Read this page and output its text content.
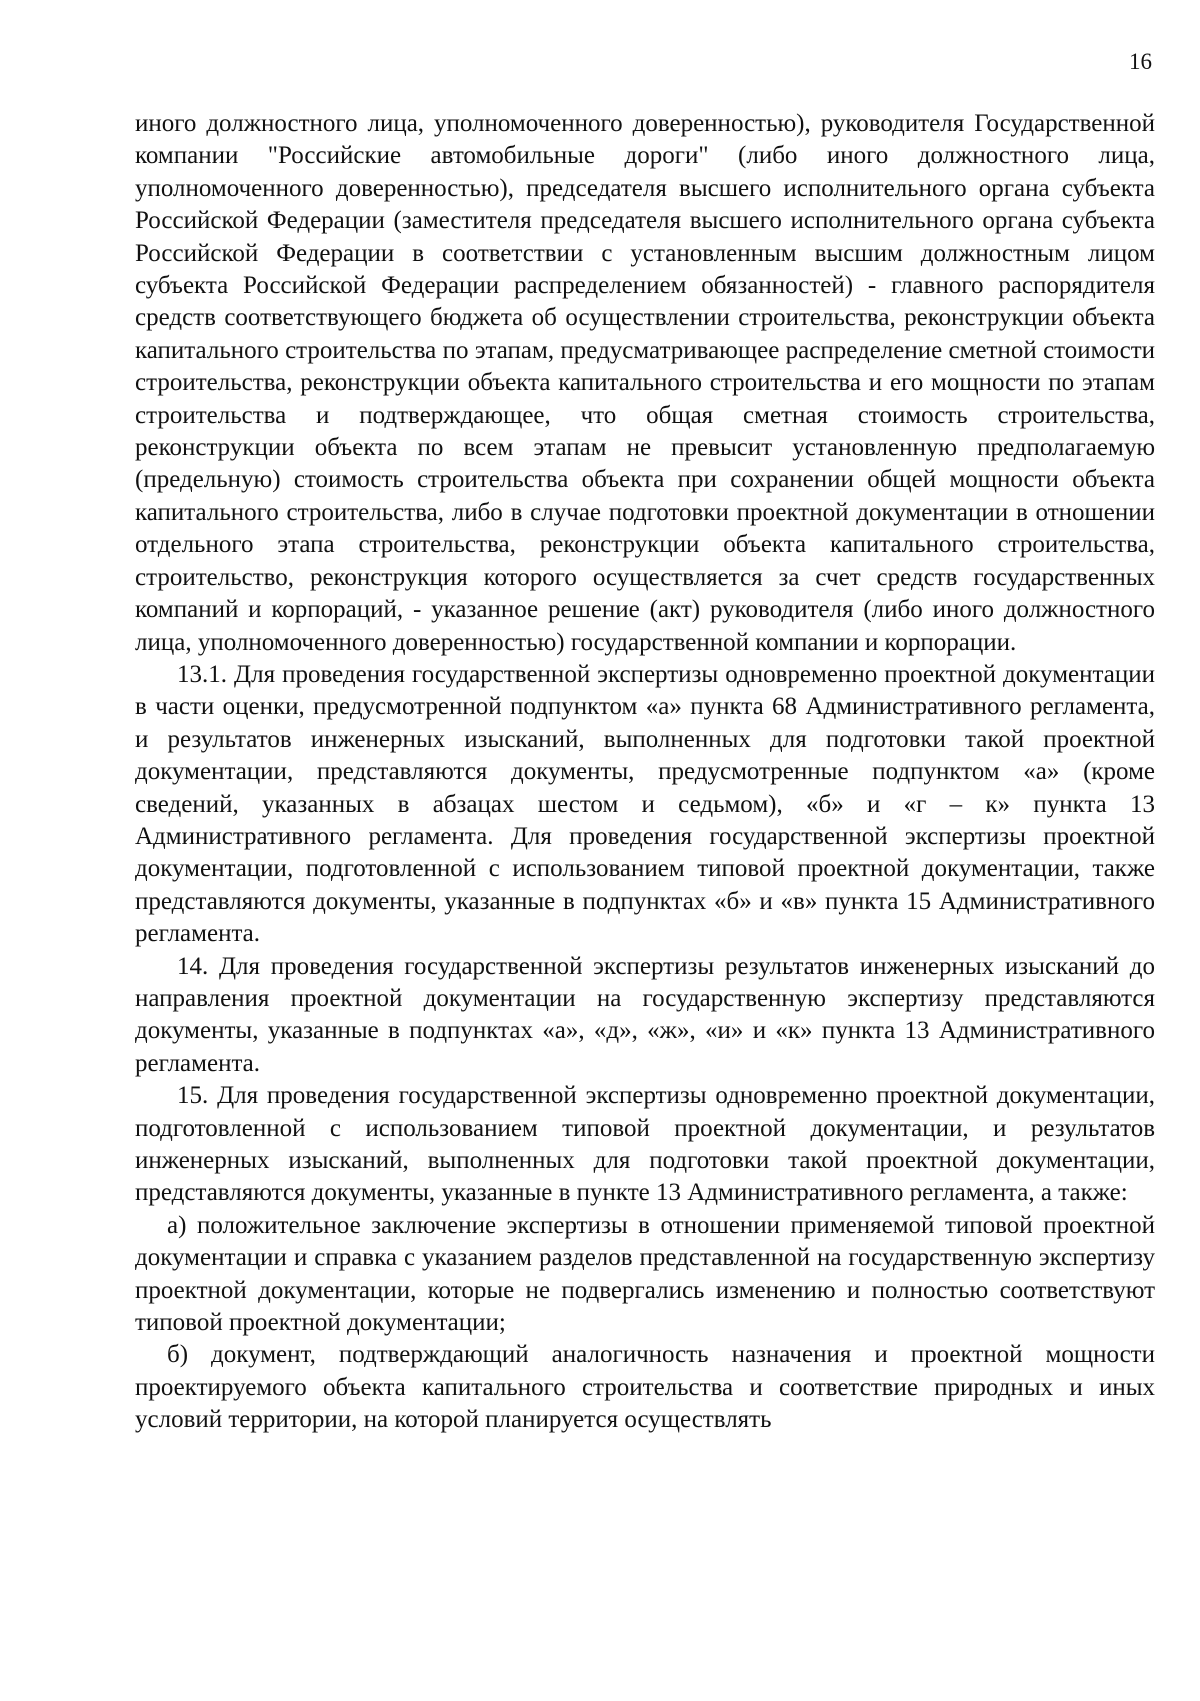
16

иного должностного лица, уполномоченного доверенностью), руководителя Государственной компании "Российские автомобильные дороги" (либо иного должностного лица, уполномоченного доверенностью), председателя высшего исполнительного органа субъекта Российской Федерации (заместителя председателя высшего исполнительного органа субъекта Российской Федерации в соответствии с установленным высшим должностным лицом субъекта Российской Федерации распределением обязанностей) - главного распорядителя средств соответствующего бюджета об осуществлении строительства, реконструкции объекта капитального строительства по этапам, предусматривающее распределение сметной стоимости строительства, реконструкции объекта капитального строительства и его мощности по этапам строительства и подтверждающее, что общая сметная стоимость строительства, реконструкции объекта по всем этапам не превысит установленную предполагаемую (предельную) стоимость строительства объекта при сохранении общей мощности объекта капитального строительства, либо в случае подготовки проектной документации в отношении отдельного этапа строительства, реконструкции объекта капитального строительства, строительство, реконструкция которого осуществляется за счет средств государственных компаний и корпораций, - указанное решение (акт) руководителя (либо иного должностного лица, уполномоченного доверенностью) государственной компании и корпорации.

13.1. Для проведения государственной экспертизы одновременно проектной документации в части оценки, предусмотренной подпунктом «а» пункта 68 Административного регламента, и результатов инженерных изысканий, выполненных для подготовки такой проектной документации, представляются документы, предусмотренные подпунктом «а» (кроме сведений, указанных в абзацах шестом и седьмом), «б» и «г – к» пункта 13 Административного регламента. Для проведения государственной экспертизы проектной документации, подготовленной с использованием типовой проектной документации, также представляются документы, указанные в подпунктах «б» и «в» пункта 15 Административного регламента.

14. Для проведения государственной экспертизы результатов инженерных изысканий до направления проектной документации на государственную экспертизу представляются документы, указанные в подпунктах «а», «д», «ж», «и» и «к» пункта 13 Административного регламента.

15. Для проведения государственной экспертизы одновременно проектной документации, подготовленной с использованием типовой проектной документации, и результатов инженерных изысканий, выполненных для подготовки такой проектной документации, представляются документы, указанные в пункте 13 Административного регламента, а также:

а) положительное заключение экспертизы в отношении применяемой типовой проектной документации и справка с указанием разделов представленной на государственную экспертизу проектной документации, которые не подвергались изменению и полностью соответствуют типовой проектной документации;

б) документ, подтверждающий аналогичность назначения и проектной мощности проектируемого объекта капитального строительства и соответствие природных и иных условий территории, на которой планируется осуществлять
